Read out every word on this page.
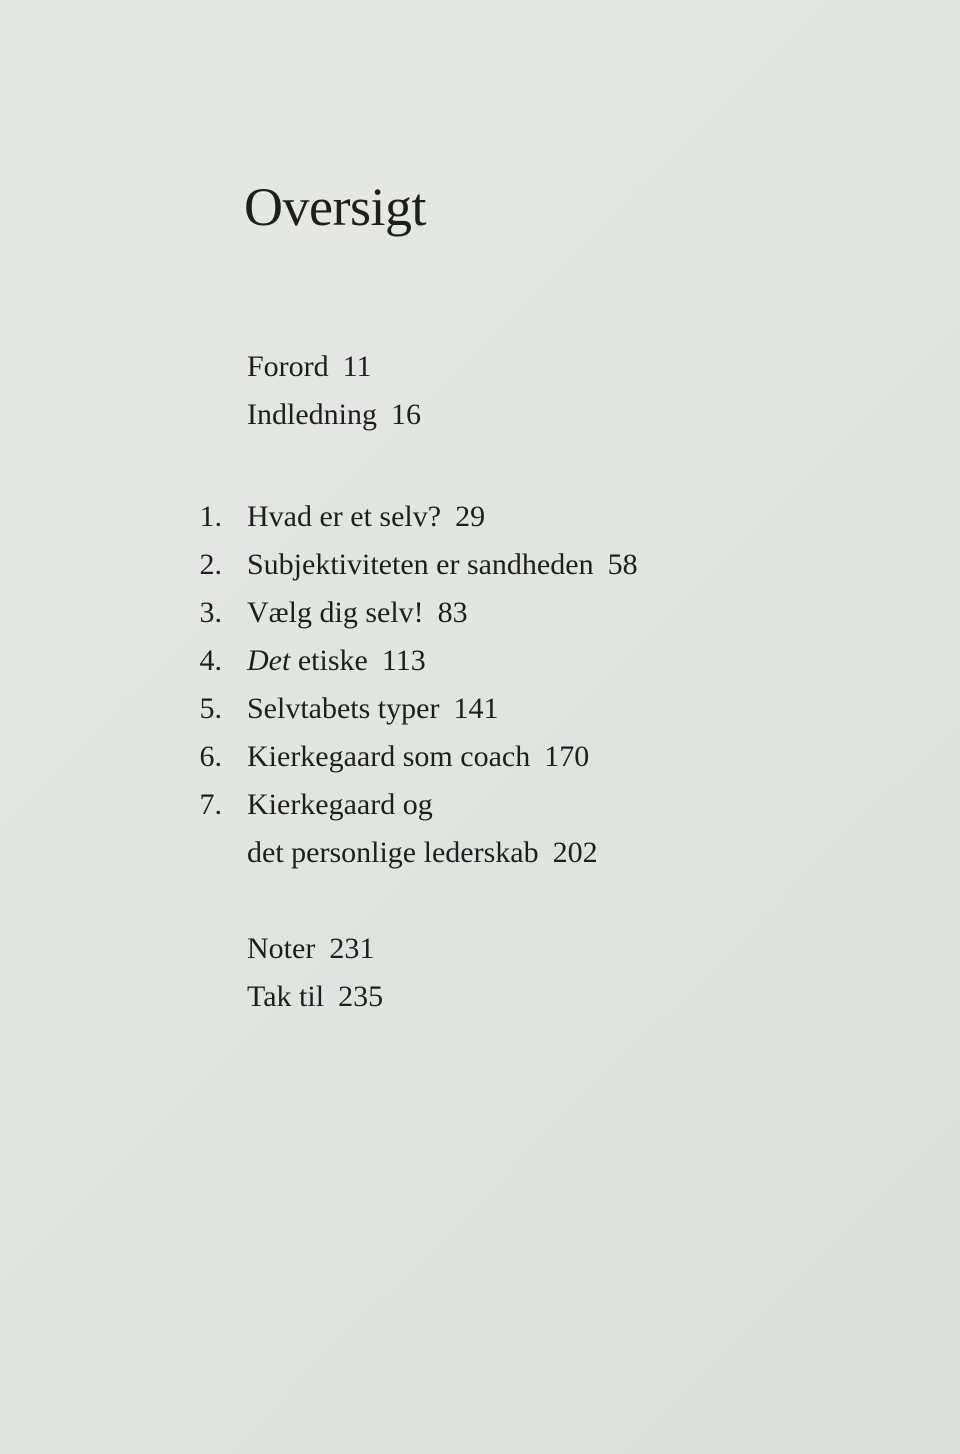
Oversigt
Forord 11
Indledning 16
1. Hvad er et selv? 29
2. Subjektiviteten er sandheden 58
3. Vælg dig selv! 83
4. Det etiske 113
5. Selvtabets typer 141
6. Kierkegaard som coach 170
7. Kierkegaard og
det personlige lederskab 202
Noter 231
Tak til 235
